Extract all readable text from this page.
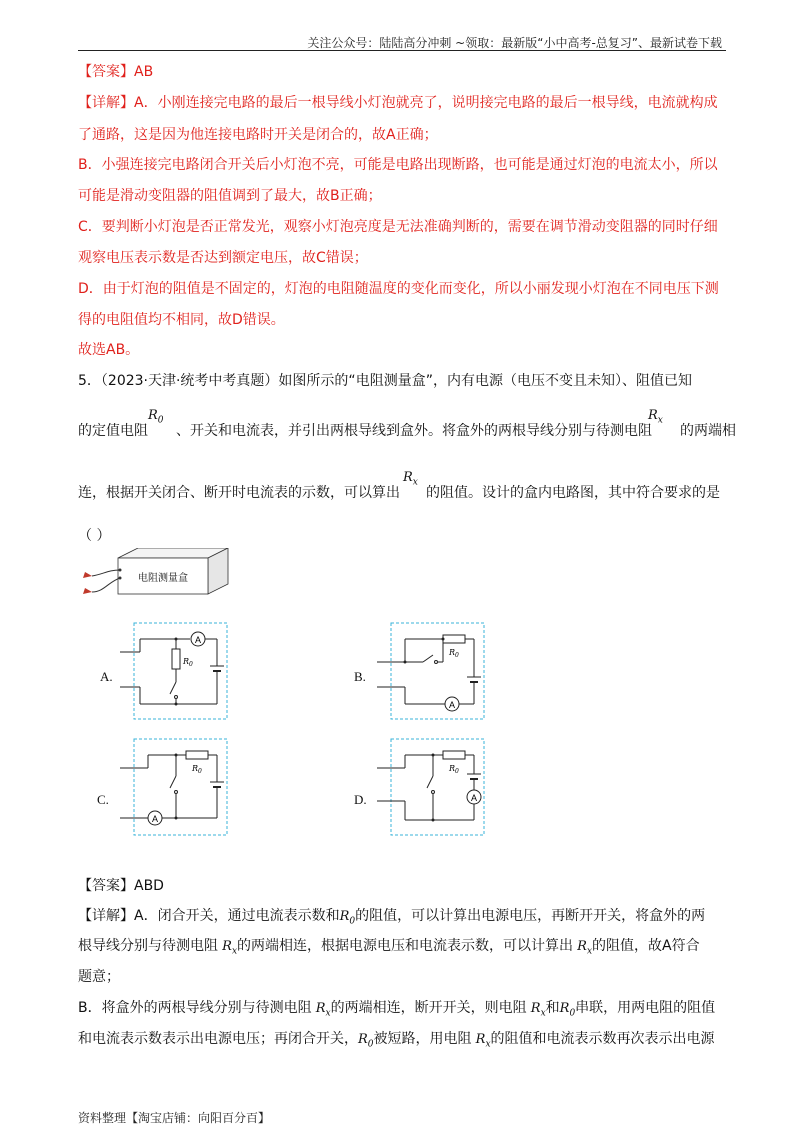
关注公众号：陆陆高分冲刺 ~领取：最新版“小中高考-总复习”、最新试卷下载
【答案】AB
【详解】A．小刚连接完电路的最后一根导线小灯泡就亮了，说明接完电路的最后一根导线，电流就构成
了通路，这是因为他连接电路时开关是闭合的，故A正确；
B．小强连接完电路闭合开关后小灯泡不亮，可能是电路出现断路，也可能是通过灯泡的电流太小，所以
可能是滑动变阻器的阻值调到了最大，故B正确；
C．要判断小灯泡是否正常发光，观察小灯泡亮度是无法准确判断的，需要在调节滑动变阻器的同时仔细
观察电压表示数是否达到额定电压，故C错误；
D．由于灯泡的阻值是不固定的，灯泡的电阻随温度的变化而变化，所以小丽发现小灯泡在不同电压下测
得的电阻值均不相同，故D错误。
故选AB。
5．（2023·天津·统考中考真题）如图所示的“电阻测量盒”，内有电源（电压不变且未知）、阻值已知
的定值电阻 、开关和电流表，并引出两根导线到盒外。将盒外的两根导线分别与待测电阻 的两端相
$R_0$	$R_x$
连，根据开关闭合、断开时电流表的示数，可以算出 的阻值。设计的盒内电路图，其中符合要求的是
$R_x$
（ ）
电阻测量盒
A.
A
$R_0$
B.
$R_0$
A
C.
$R_0$
A
D.
$R_0$
A
【答案】ABD
【详解】A．闭合开关，通过电流表示数和$R_0$的阻值，可以计算出电源电压，再断开开关，将盒外的两
根导线分别与待测电阻 $R_x$的两端相连，根据电源电压和电流表示数，可以计算出 $R_x$的阻值，故A符合
题意；
B．将盒外的两根导线分别与待测电阻 $R_x$的两端相连，断开开关，则电阻 $R_x$和$R_0$串联，用两电阻的阻值
和电流表示数表示出电源电压；再闭合开关，$R_0$被短路，用电阻 $R_x$的阻值和电流表示数再次表示出电源
资料整理【淘宝店铺：向阳百分百】
